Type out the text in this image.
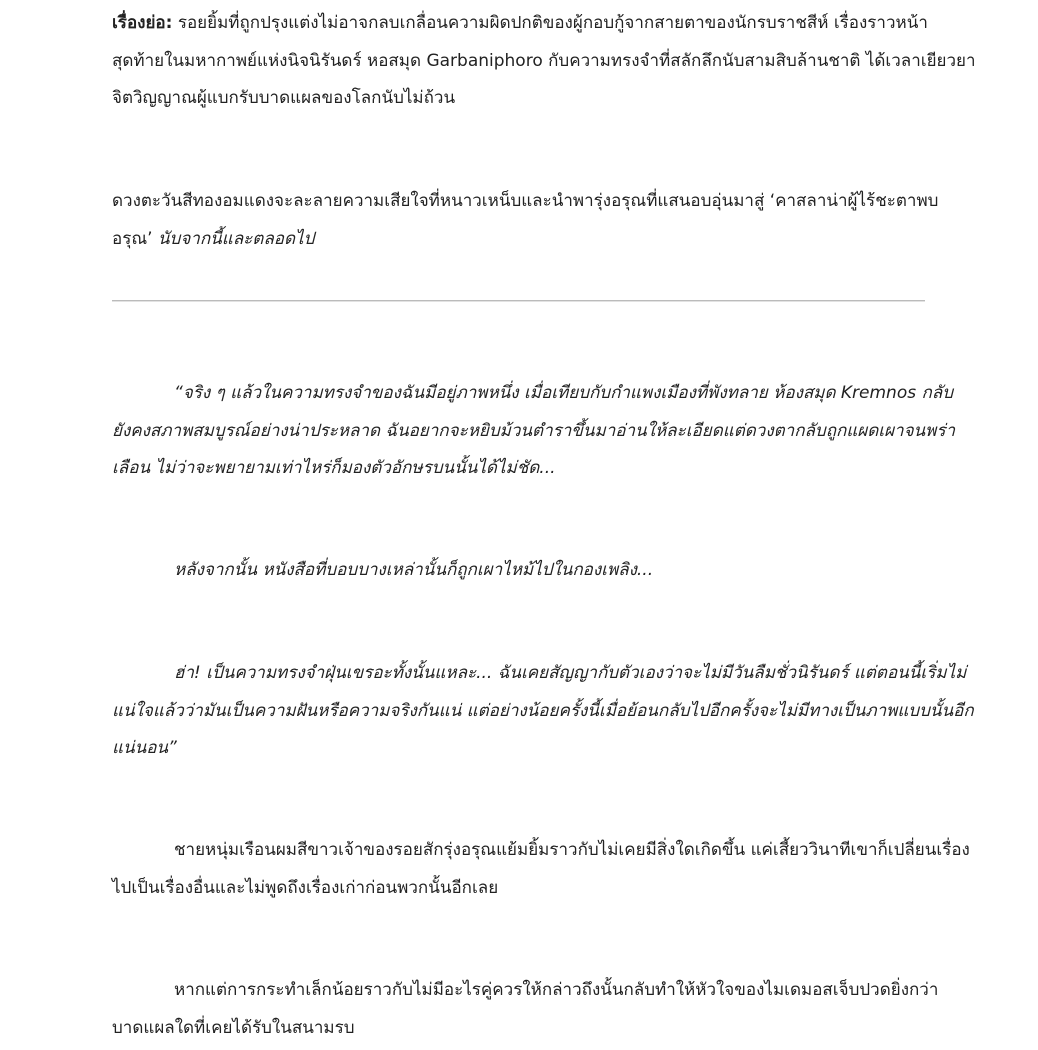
เรื่องย่อ: รอยยิ้มที่ถูกปรุงแต่งไม่อาจกลบเกลื่อนความผิดปกติของผู้กอบกู้จากสายตาของนักรบราชสีห์ เรื่องราวหน้า
สุดท้ายในมหากาพย์แห่งนิจนิรันดร์ หอสมุด Garbaniphoro กับความทรงจำที่สลักลึกนับสามสิบล้านชาติ ได้เวลาเยียวยา
จิตวิญญาณผู้แบกรับบาดแผลของโลกนับไม่ถ้วน
ดวงตะวันสีทองอมแดงจะละลายความเสียใจที่หนาวเหน็บและนำพารุ่งอรุณที่แสนอบอุ่นมาสู่ ‘คาสลาน่าผู้ไร้ชะตาพบ
อรุณ’ นับจากนี้และตลอดไป
“จริง ๆ แล้วในความทรงจำของฉันมีอยู่ภาพหนึ่ง เมื่อเทียบกับกำแพงเมืองที่พังทลาย ห้องสมุด Kremnos กลับ
ยังคงสภาพสมบูรณ์อย่างน่าประหลาด ฉันอยากจะหยิบม้วนตำราขึ้นมาอ่านให้ละเอียดแต่ดวงตากลับถูกแผดเผาจนพร่า
เลือน ไม่ว่าจะพยายามเท่าไหร่ก็มองตัวอักษรบนนั้นได้ไม่ชัด...
หลังจากนั้น หนังสือที่บอบบางเหล่านั้นก็ถูกเผาไหม้ไปในกองเพลิง...
ฮ่า! เป็นความทรงจำฝุ่นเขรอะทั้งนั้นแหละ... ฉันเคยสัญญากับตัวเองว่าจะไม่มีวันลืมชั่วนิรันดร์ แต่ตอนนี้เริ่มไม่
แน่ใจแล้วว่ามันเป็นความฝันหรือความจริงกันแน่ แต่อย่างน้อยครั้งนี้เมื่อย้อนกลับไปอีกครั้งจะไม่มีทางเป็นภาพแบบนั้นอีก
แน่นอน”
ชายหนุ่มเรือนผมสีขาวเจ้าของรอยสักรุ่งอรุณแย้มยิ้มราวกับไม่เคยมีสิ่งใดเกิดขึ้น แค่เสี้ยววินาทีเขาก็เปลี่ยนเรื่อง
ไปเป็นเรื่องอื่นและไม่พูดถึงเรื่องเก่าก่อนพวกนั้นอีกเลย
หากแต่การกระทำเล็กน้อยราวกับไม่มีอะไรคู่ควรให้กล่าวถึงนั้นกลับทำให้หัวใจของไมเดมอสเจ็บปวดยิ่งกว่า
บาดแผลใดที่เคยได้รับในสนามรบ
